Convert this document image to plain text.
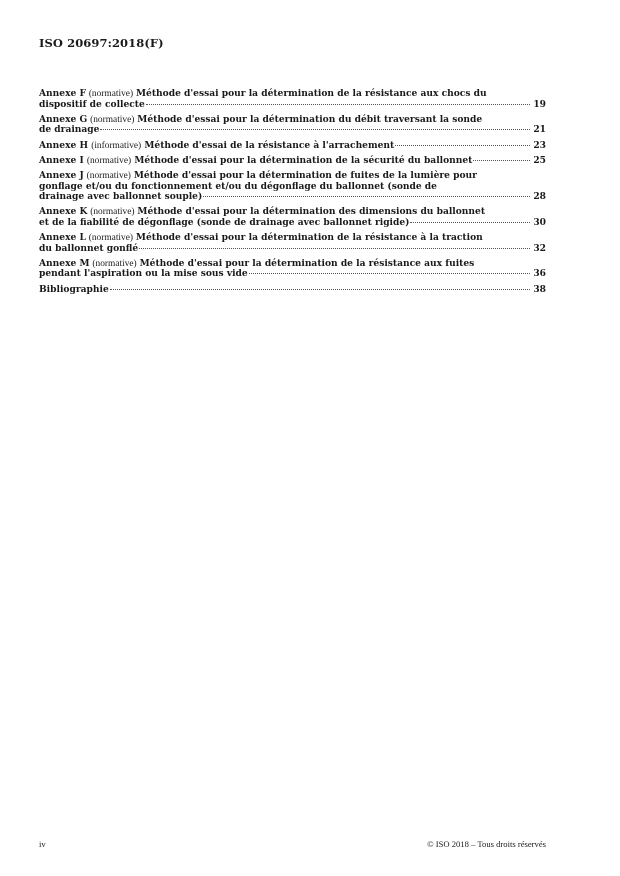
ISO 20697:2018(F)
Annexe F (normative) Méthode d'essai pour la détermination de la résistance aux chocs du
dispositif de collecte	19
Annexe G (normative) Méthode d'essai pour la détermination du débit traversant la sonde
de drainage	21
Annexe H (informative) Méthode d'essai de la résistance à l'arrachement	23
Annexe I (normative) Méthode d'essai pour la détermination de la sécurité du ballonnet	25
Annexe J (normative) Méthode d'essai pour la détermination de fuites de la lumière pour
gonflage et/ou du fonctionnement et/ou du dégonflage du ballonnet (sonde de
drainage avec ballonnet souple)	28
Annexe K (normative) Méthode d'essai pour la détermination des dimensions du ballonnet
et de la fiabilité de dégonflage (sonde de drainage avec ballonnet rigide)	30
Annexe L (normative) Méthode d'essai pour la détermination de la résistance à la traction
du ballonnet gonflé	32
Annexe M (normative) Méthode d'essai pour la détermination de la résistance aux fuites
pendant l'aspiration ou la mise sous vide	36
Bibliographie	38
iv	© ISO 2018 – Tous droits réservés
